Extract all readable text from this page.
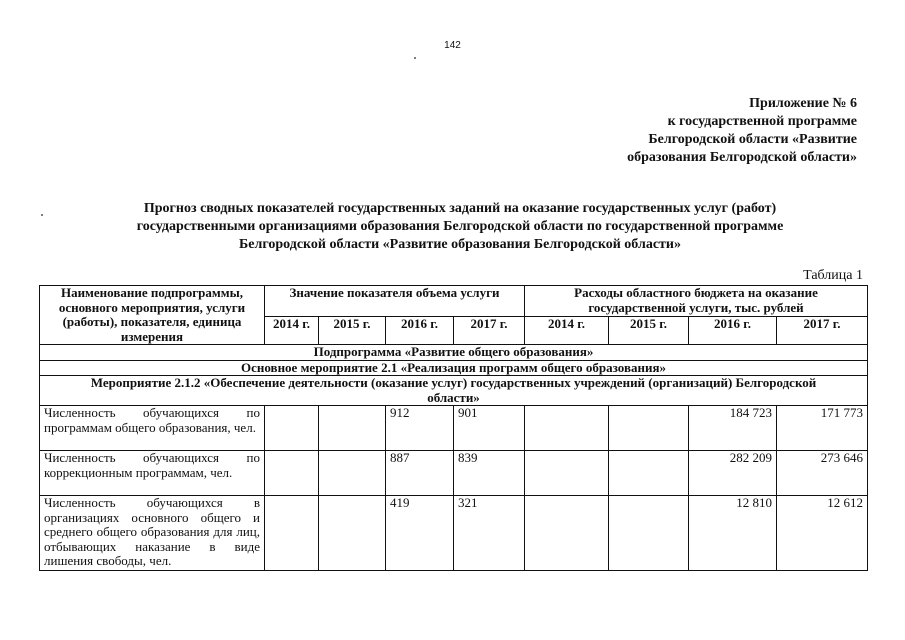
142
Приложение № 6
к государственной программе
Белгородской области «Развитие
образования Белгородской области»
Прогноз сводных показателей государственных заданий на оказание государственных услуг (работ)
государственными организациями образования Белгородской области по государственной программе
Белгородской области «Развитие образования Белгородской области»
Таблица 1
Наименование подпрограммы, основного мероприятия, услуги (работы), показателя, единица измерения	Значение показателя объема услуги				Расходы областного бюджета на оказание государственной услуги, тыс. рублей			
	2014 г.	2015 г.	2016 г.	2017 г.	2014 г.	2015 г.	2016 г.	2017 г.
Подпрограмма «Развитие общего образования»								
Основное мероприятие 2.1 «Реализация программ общего образования»								
Мероприятие 2.1.2 «Обеспечение деятельности (оказание услуг) государственных учреждений (организаций) Белгородской области»								
Численность обучающихся по программам общего образования, чел.			912	901			184 723	171 773
Численность обучающихся по коррекционным программам, чел.			887	839			282 209	273 646
Численность обучающихся в организациях основного общего и среднего общего образования для лиц, отбывающих наказание в виде лишения свободы, чел.			419	321			12 810	12 612
